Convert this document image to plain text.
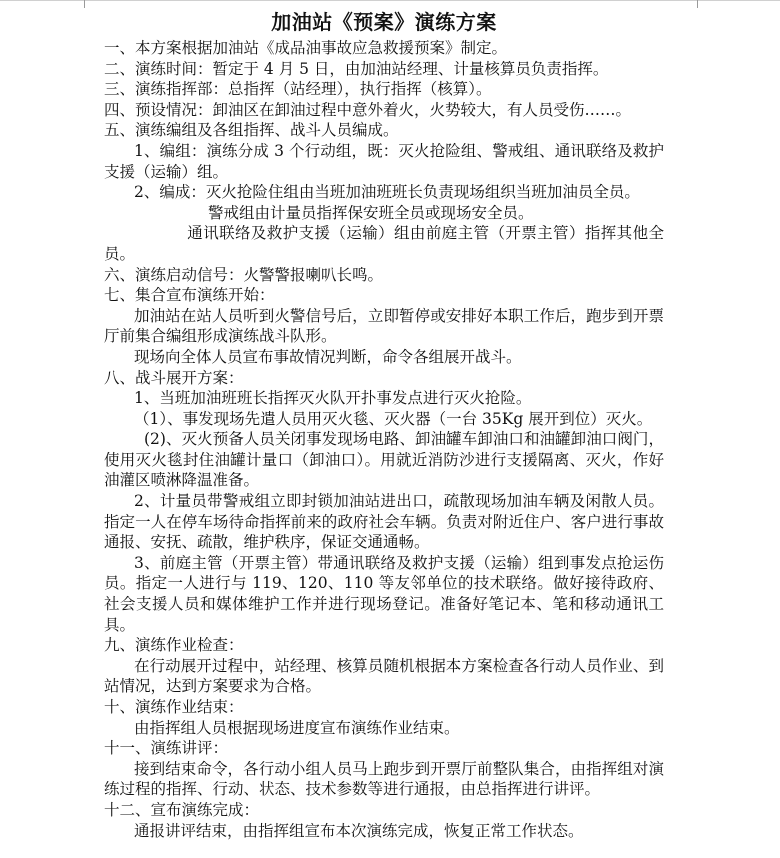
加油站《预案》演练方案
一、本方案根据加油站《成品油事故应急救援预案》制定。
二、演练时间：暂定于 4 月 5 日，由加油站经理、计量核算员负责指挥。
三、演练指挥部：总指挥（站经理），执行指挥（核算）。
四、预设情况：卸油区在卸油过程中意外着火，火势较大，有人员受伤……。
五、演练编组及各组指挥、战斗人员编成。
1、编组：演练分成 3 个行动组，既：灭火抢险组、警戒组、通讯联络及救护支援（运输）组。
2、编成：灭火抢险住组由当班加油班班长负责现场组织当班加油员全员。
警戒组由计量员指挥保安班全员或现场安全员。
通讯联络及救护支援（运输）组由前庭主管（开票主管）指挥其他全员。
六、演练启动信号：火警警报喇叭长鸣。
七、集合宣布演练开始：
加油站在站人员听到火警信号后，立即暂停或安排好本职工作后，跑步到开票厅前集合编组形成演练战斗队形。
现场向全体人员宣布事故情况判断，命令各组展开战斗。
八、战斗展开方案：
1、当班加油班班长指挥灭火队开扑事发点进行灭火抢险。
（1）、事发现场先遣人员用灭火毯、灭火器（一台 35Kg 展开到位）灭火。
(2)、灭火预备人员关闭事发现场电路、卸油罐车卸油口和油罐卸油口阀门，使用灭火毯封住油罐计量口（卸油口）。用就近消防沙进行支援隔离、灭火，作好油灌区喷淋降温准备。
2、计量员带警戒组立即封锁加油站进出口，疏散现场加油车辆及闲散人员。指定一人在停车场待命指挥前来的政府社会车辆。负责对附近住户、客户进行事故通报、安抚、疏散，维护秩序，保证交通通畅。
3、前庭主管（开票主管）带通讯联络及救护支援（运输）组到事发点抢运伤员。指定一人进行与 119、120、110 等友邻单位的技术联络。做好接待政府、社会支援人员和媒体维护工作并进行现场登记。准备好笔记本、笔和移动通讯工具。
九、演练作业检查：
在行动展开过程中，站经理、核算员随机根据本方案检查各行动人员作业、到站情况，达到方案要求为合格。
十、演练作业结束：
由指挥组人员根据现场进度宣布演练作业结束。
十一、演练讲评：
接到结束命令，各行动小组人员马上跑步到开票厅前整队集合，由指挥组对演练过程的指挥、行动、状态、技术参数等进行通报，由总指挥进行讲评。
十二、宣布演练完成：
通报讲评结束，由指挥组宣布本次演练完成，恢复正常工作状态。
